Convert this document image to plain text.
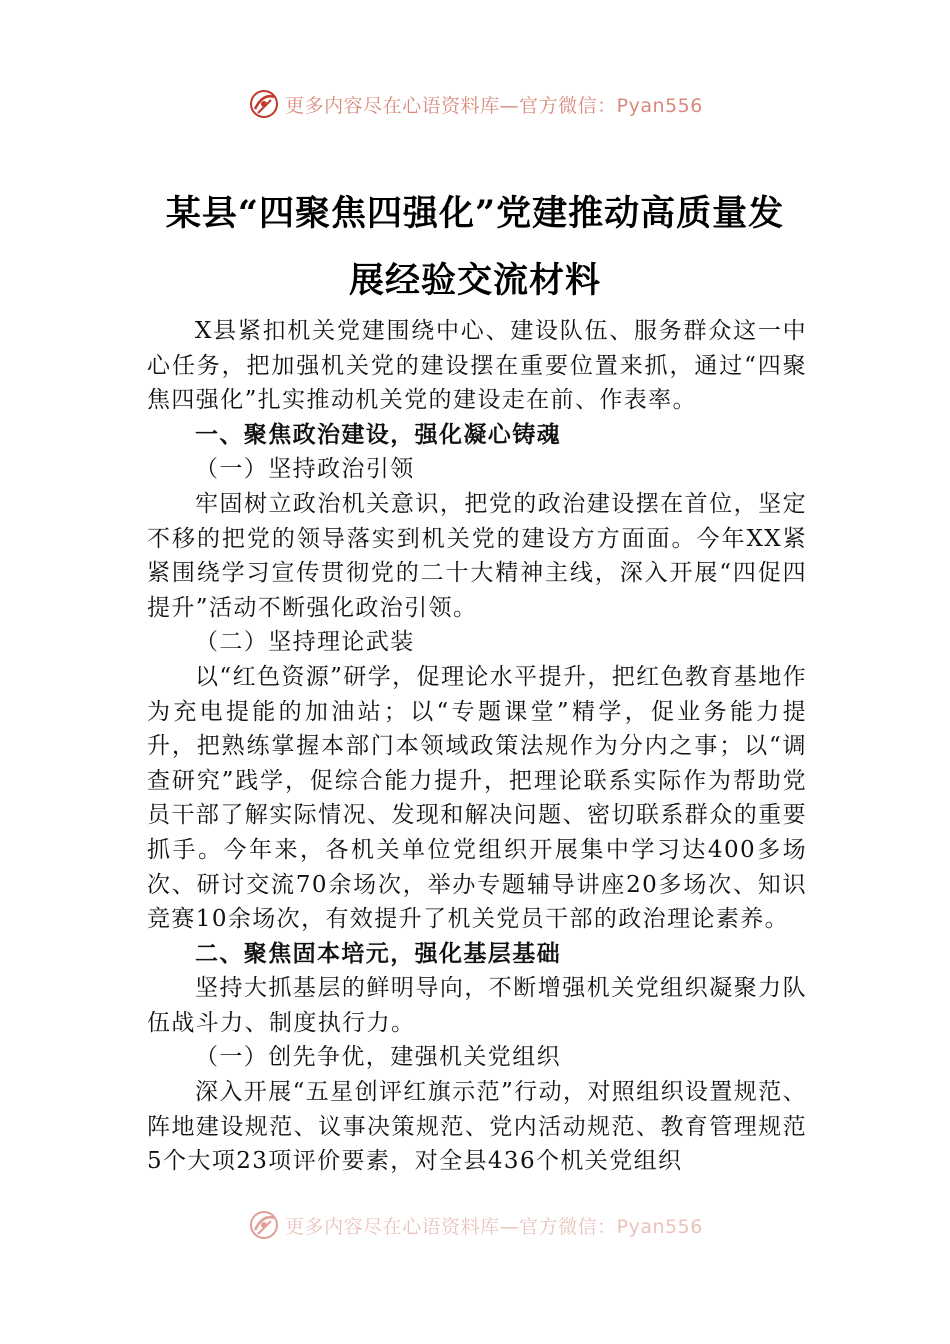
更多内容尽在心语资料库—官方微信：Pyan556
某县“四聚焦四强化”党建推动高质量发
展经验交流材料

X县紧扣机关党建围绕中心、建设队伍、服务群众这一中心任务，把加强机关党的建设摆在重要位置来抓，通过“四聚焦四强化”扎实推动机关党的建设走在前、作表率。

一、聚焦政治建设，强化凝心铸魂

（一）坚持政治引领

牢固树立政治机关意识，把党的政治建设摆在首位，坚定不移的把党的领导落实到机关党的建设方方面面。今年XX紧紧围绕学习宣传贯彻党的二十大精神主线，深入开展“四促四提升”活动不断强化政治引领。

（二）坚持理论武装

以“红色资源”研学，促理论水平提升，把红色教育基地作为充电提能的加油站；以“专题课堂”精学，促业务能力提升，把熟练掌握本部门本领域政策法规作为分内之事；以“调查研究”践学，促综合能力提升，把理论联系实际作为帮助党员干部了解实际情况、发现和解决问题、密切联系群众的重要抓手。今年来，各机关单位党组织开展集中学习达400多场次、研讨交流70余场次，举办专题辅导讲座20多场次、知识竞赛10余场次，有效提升了机关党员干部的政治理论素养。

二、聚焦固本培元，强化基层基础

坚持大抓基层的鲜明导向，不断增强机关党组织凝聚力队伍战斗力、制度执行力。

（一）创先争优，建强机关党组织

深入开展“五星创评红旗示范”行动，对照组织设置规范、阵地建设规范、议事决策规范、党内活动规范、教育管理规范5个大项23项评价要素，对全县436个机关党组织

更多内容尽在心语资料库—官方微信：Pyan556
